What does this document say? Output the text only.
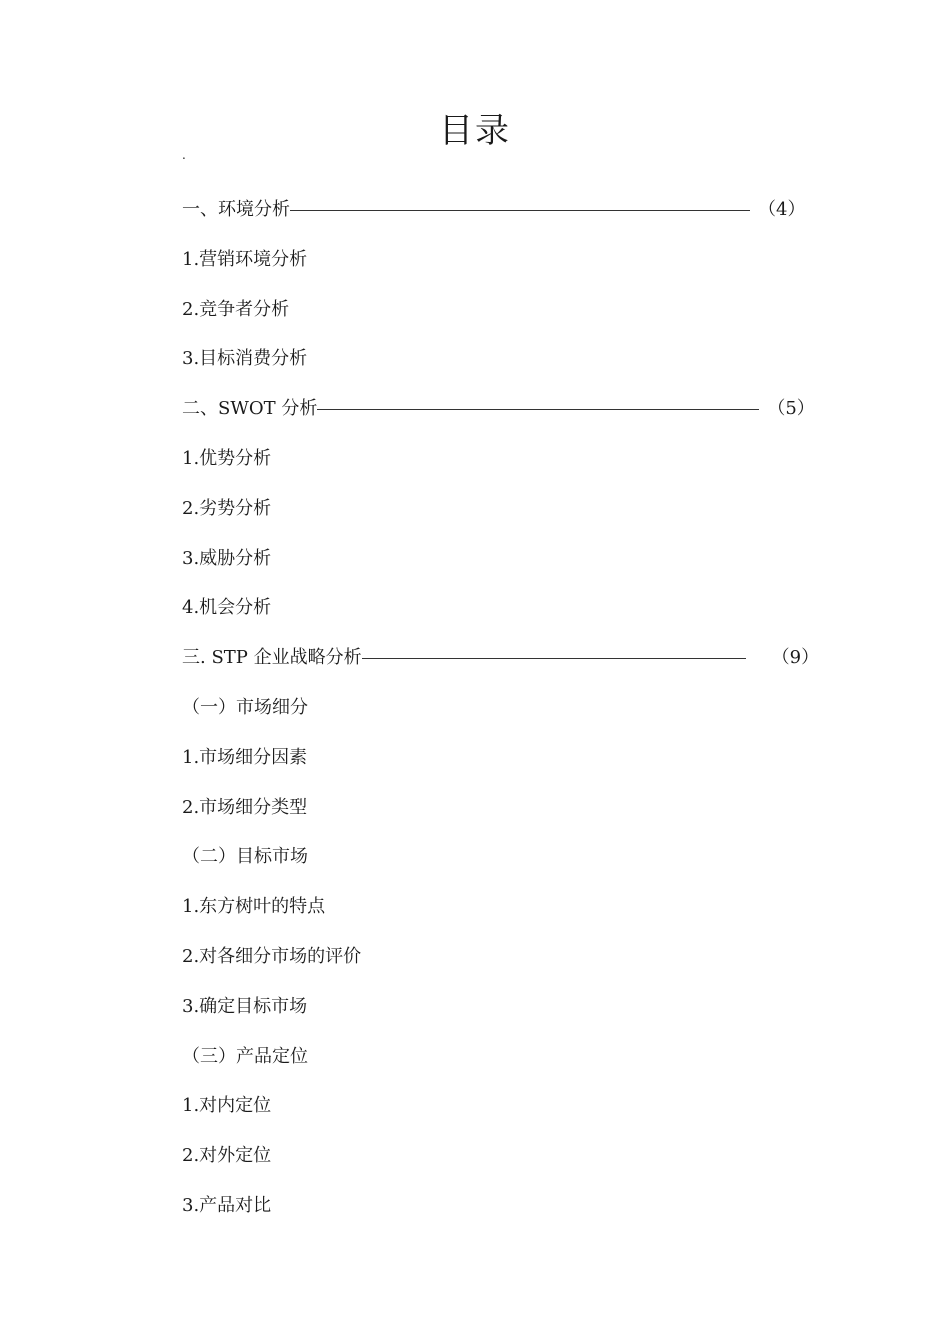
目录
.
一、环境分析	（4）
1.营销环境分析
2.竞争者分析
3.目标消费分析
二、SWOT 分析	（5）
1.优势分析
2.劣势分析
3.威胁分析
4.机会分析
三. STP 企业战略分析	（9）
（一）市场细分
1.市场细分因素
2.市场细分类型
（二）目标市场
1.东方树叶的特点
2.对各细分市场的评价
3.确定目标市场
（三）产品定位
1.对内定位
2.对外定位
3.产品对比
